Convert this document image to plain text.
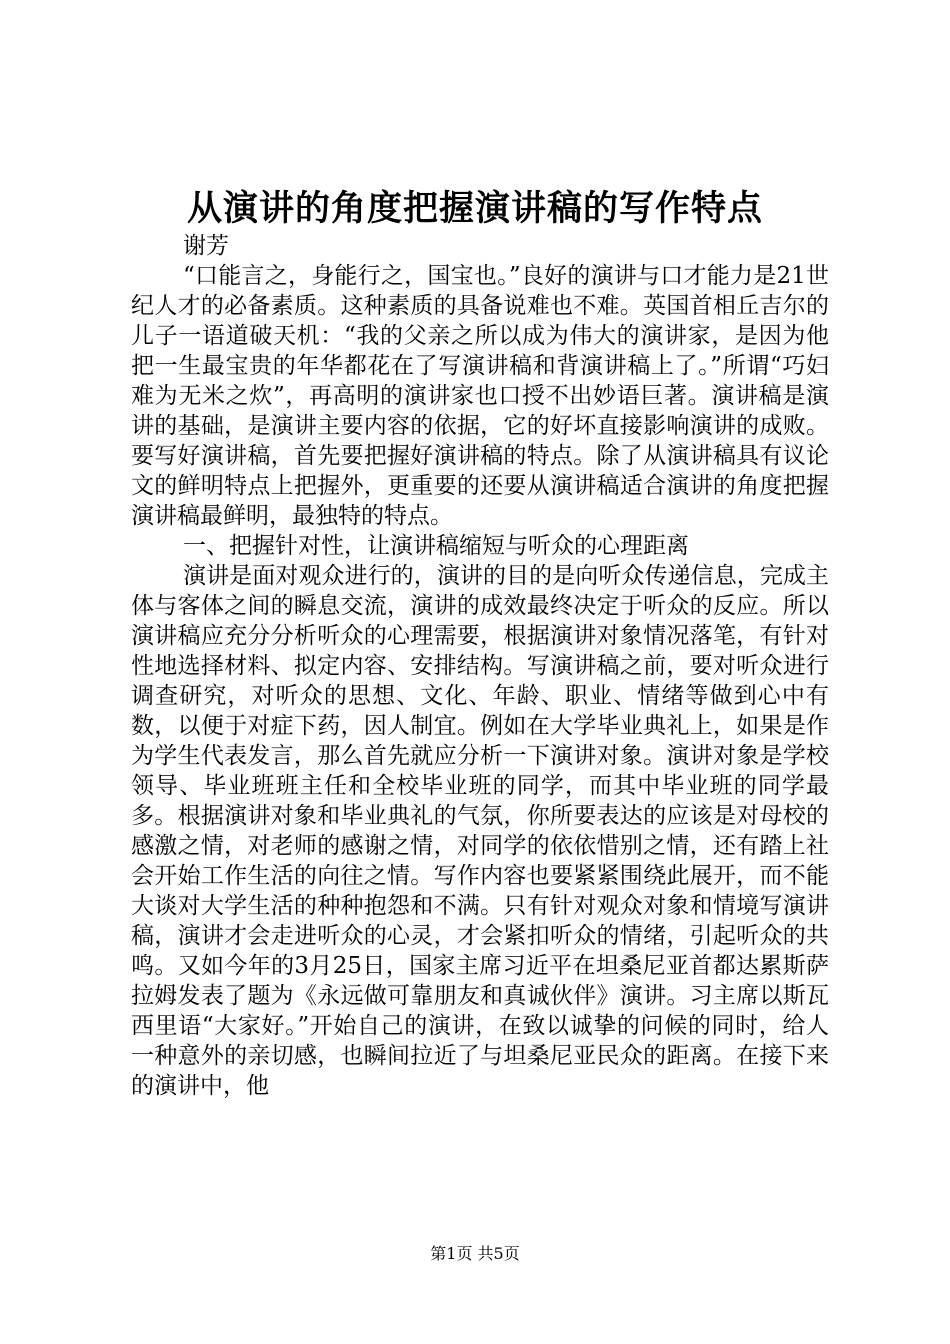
从演讲的角度把握演讲稿的写作特点

谢芳

“口能言之，身能行之，国宝也。”良好的演讲与口才能力是21世纪人才的必备素质。这种素质的具备说难也不难。英国首相丘吉尔的儿子一语道破天机：“我的父亲之所以成为伟大的演讲家，是因为他把一生最宝贵的年华都花在了写演讲稿和背演讲稿上了。”所谓“巧妇难为无米之炊”，再高明的演讲家也口授不出妙语巨著。演讲稿是演讲的基础，是演讲主要内容的依据，它的好坏直接影响演讲的成败。要写好演讲稿，首先要把握好演讲稿的特点。除了从演讲稿具有议论文的鲜明特点上把握外，更重要的还要从演讲稿适合演讲的角度把握演讲稿最鲜明，最独特的特点。

一、把握针对性，让演讲稿缩短与听众的心理距离

演讲是面对观众进行的，演讲的目的是向听众传递信息，完成主体与客体之间的瞬息交流，演讲的成效最终决定于听众的反应。所以演讲稿应充分分析听众的心理需要，根据演讲对象情况落笔，有针对性地选择材料、拟定内容、安排结构。写演讲稿之前，要对听众进行调查研究，对听众的思想、文化、年龄、职业、情绪等做到心中有数，以便于对症下药，因人制宜。例如在大学毕业典礼上，如果是作为学生代表发言，那么首先就应分析一下演讲对象。演讲对象是学校领导、毕业班班主任和全校毕业班的同学，而其中毕业班的同学最多。根据演讲对象和毕业典礼的气氛，你所要表达的应该是对母校的感激之情，对老师的感谢之情，对同学的依依惜别之情，还有踏上社会开始工作生活的向往之情。写作内容也要紧紧围绕此展开，而不能大谈对大学生活的种种抱怨和不满。只有针对观众对象和情境写演讲稿，演讲才会走进听众的心灵，才会紧扣听众的情绪，引起听众的共鸣。又如今年的3月25日，国家主席习近平在坦桑尼亚首都达累斯萨拉姆发表了题为《永远做可靠朋友和真诚伙伴》演讲。习主席以斯瓦西里语“大家好。”开始自己的演讲，在致以诚挚的问候的同时，给人一种意外的亲切感，也瞬间拉近了与坦桑尼亚民众的距离。在接下来的演讲中，他

第1页 共5页
